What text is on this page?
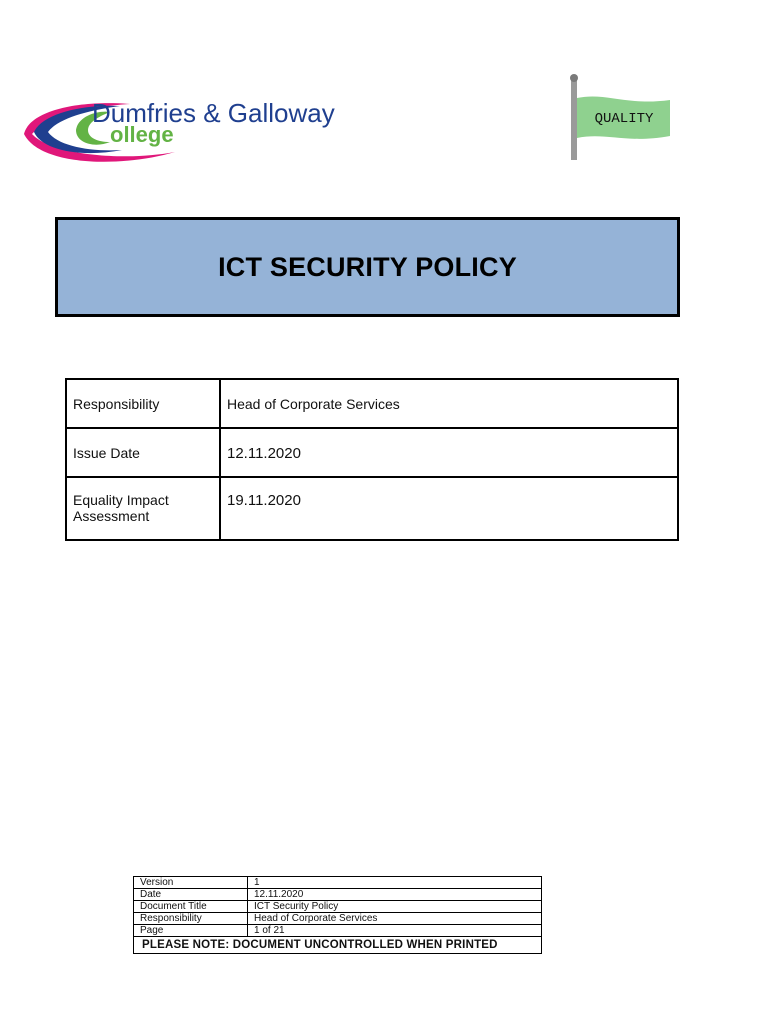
Dumfries & Galloway
ollege
QUALITY
ICT SECURITY POLICY
Responsibility	Head of Corporate Services
Issue Date	12.11.2020
Equality Impact Assessment	19.11.2020
Version	1
Date	12.11.2020
Document Title	ICT Security Policy
Responsibility	Head of Corporate Services
Page	1 of 21
PLEASE NOTE: DOCUMENT UNCONTROLLED WHEN PRINTED	
